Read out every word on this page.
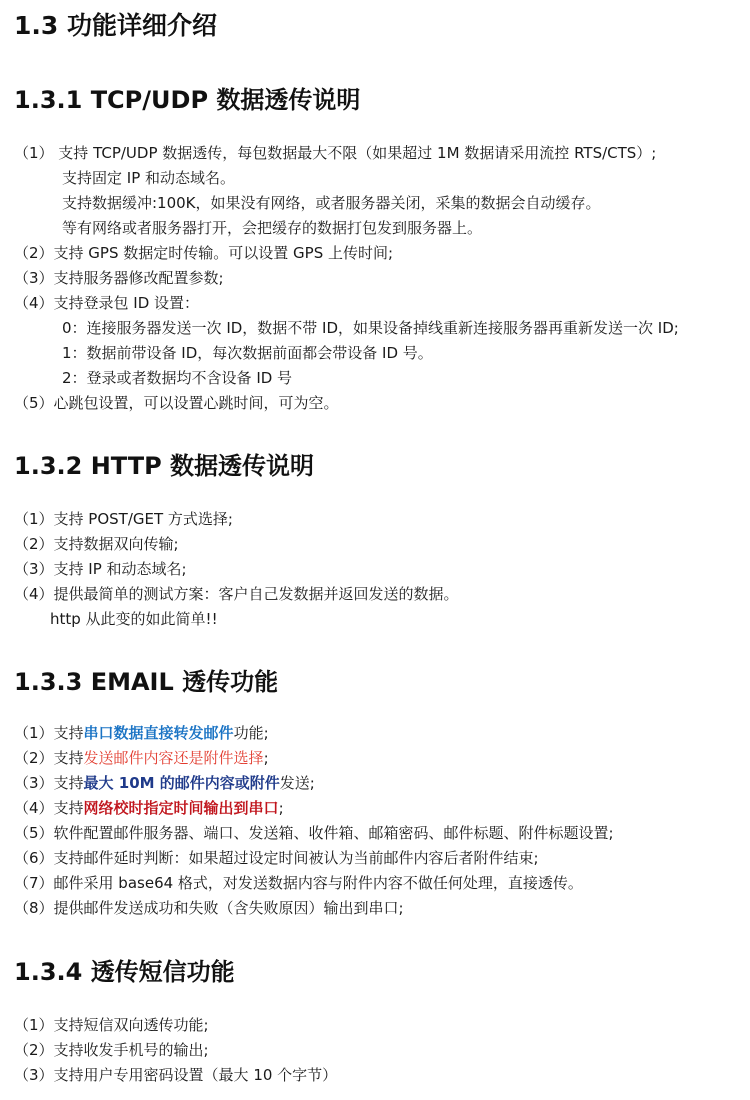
1.3 功能详细介绍
1.3.1 TCP/UDP 数据透传说明

（1） 支持 TCP/UDP 数据透传，每包数据最大不限（如果超过 1M 数据请采用流控 RTS/CTS）;

支持固定 IP 和动态域名。

支持数据缓冲:100K，如果没有网络，或者服务器关闭，采集的数据会自动缓存。

等有网络或者服务器打开，会把缓存的数据打包发到服务器上。

（2）支持 GPS 数据定时传输。可以设置 GPS 上传时间;

（3）支持服务器修改配置参数;

（4）支持登录包 ID 设置：

0：连接服务器发送一次 ID，数据不带 ID，如果设备掉线重新连接服务器再重新发送一次 ID;

1：数据前带设备 ID，每次数据前面都会带设备 ID 号。

2：登录或者数据均不含设备 ID 号

（5）心跳包设置，可以设置心跳时间，可为空。

1.3.2 HTTP 数据透传说明

（1）支持 POST/GET 方式选择;

（2）支持数据双向传输;

（3）支持 IP 和动态域名;

（4）提供最简单的测试方案：客户自己发数据并返回发送的数据。

http 从此变的如此简单!!

1.3.3 EMAIL 透传功能

（1）支持串口数据直接转发邮件功能;

（2）支持发送邮件内容还是附件选择;

（3）支持最大 10M 的邮件内容或附件发送;

（4）支持网络校时指定时间输出到串口;

（5）软件配置邮件服务器、端口、发送箱、收件箱、邮箱密码、邮件标题、附件标题设置;

（6）支持邮件延时判断：如果超过设定时间被认为当前邮件内容后者附件结束;

（7）邮件采用 base64 格式，对发送数据内容与附件内容不做任何处理，直接透传。

（8）提供邮件发送成功和失败（含失败原因）输出到串口;

1.3.4 透传短信功能

（1）支持短信双向透传功能;

（2）支持收发手机号的输出;

（3）支持用户专用密码设置（最大 10 个字节）
